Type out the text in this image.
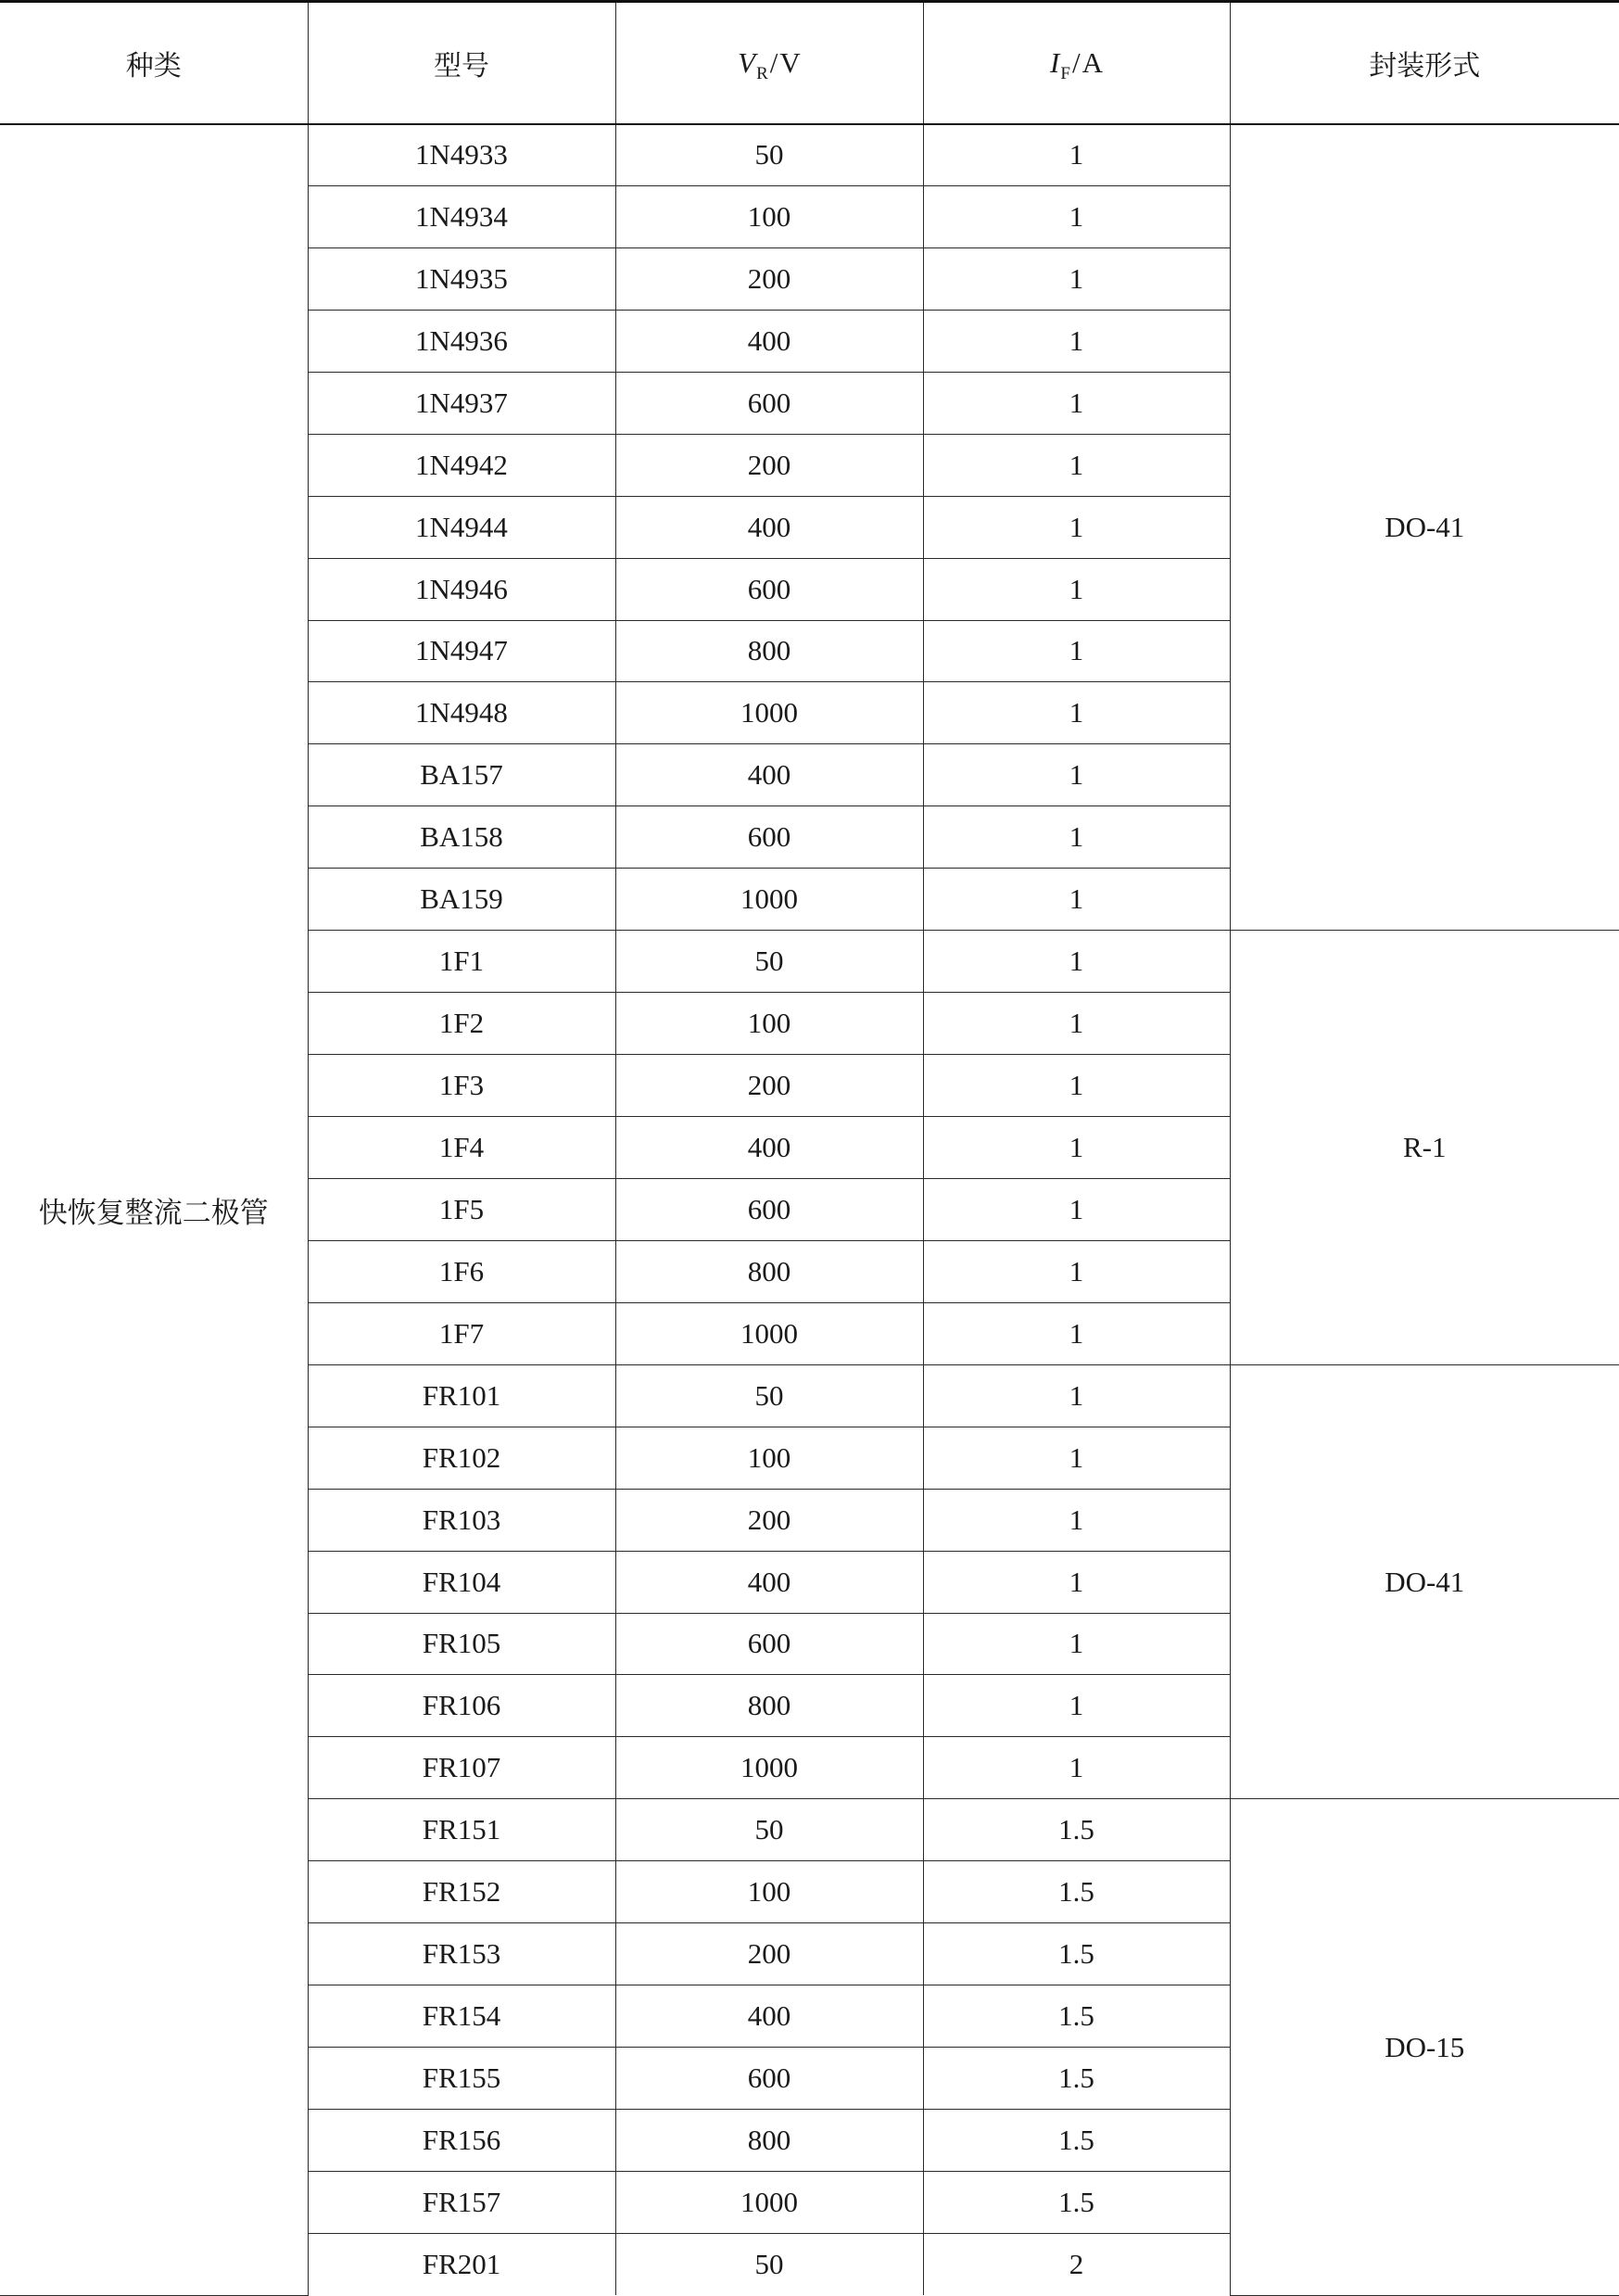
种类	型号	$V_R/V$	$I_F/A$	封装形式
快恢复整流二极管	1N4933	50	1	DO-41
	1N4934	100	1	
	1N4935	200	1	
	1N4936	400	1	
	1N4937	600	1	
	1N4942	200	1	
	1N4944	400	1	
	1N4946	600	1	
	1N4947	800	1	
	1N4948	1000	1	
	BA157	400	1	
	BA158	600	1	
	BA159	1000	1	
	1F1	50	1	R-1
	1F2	100	1	
	1F3	200	1	
	1F4	400	1	
	1F5	600	1	
	1F6	800	1	
	1F7	1000	1	
	FR101	50	1	DO-41
	FR102	100	1	
	FR103	200	1	
	FR104	400	1	
	FR105	600	1	
	FR106	800	1	
	FR107	1000	1	
	FR151	50	1.5	DO-15
	FR152	100	1.5	
	FR153	200	1.5	
	FR154	400	1.5	
	FR155	600	1.5	
	FR156	800	1.5	
	FR157	1000	1.5	
	FR201	50	2	
